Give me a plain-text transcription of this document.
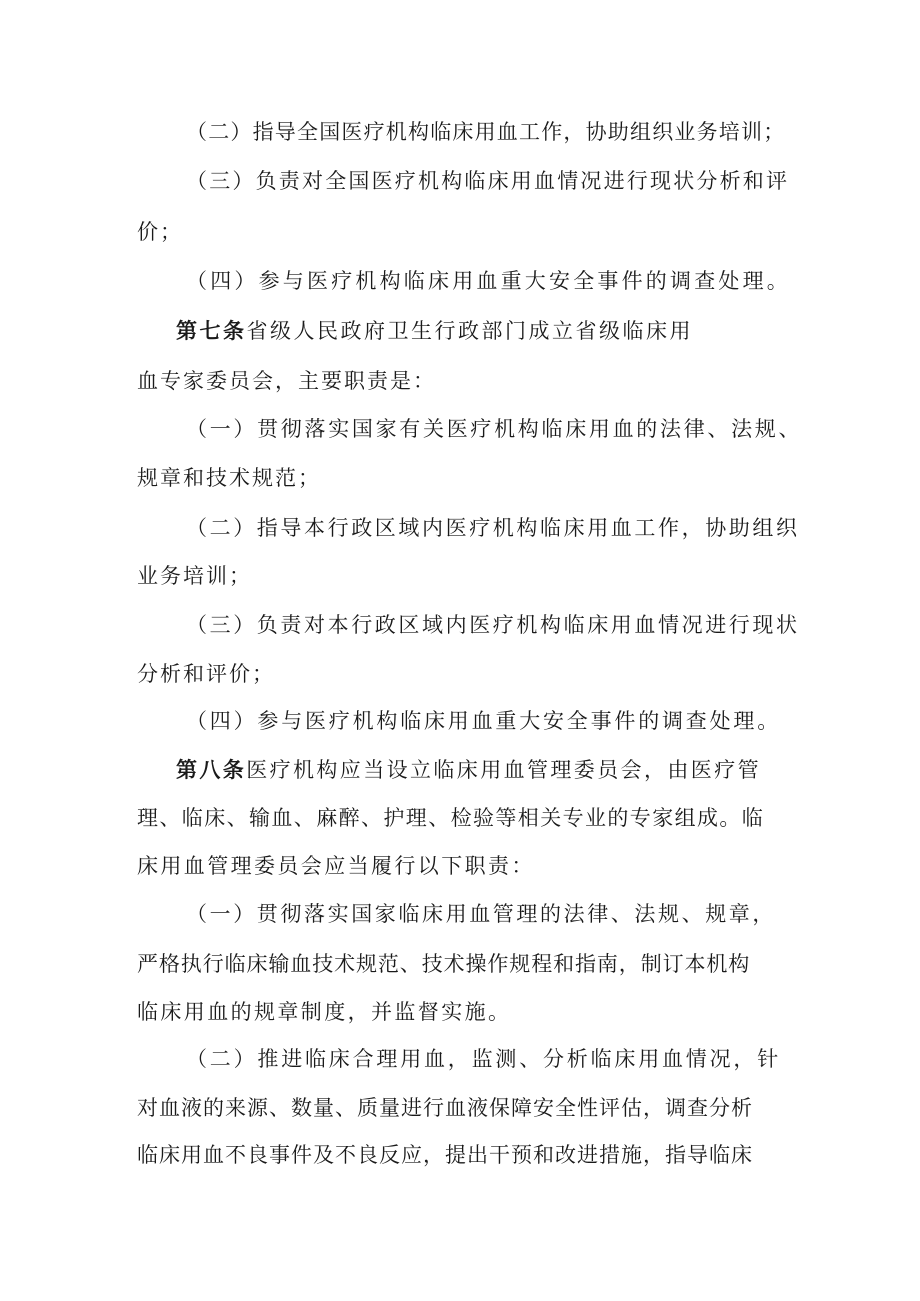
（二）指导全国医疗机构临床用血工作，协助组织业务培训；
（三）负责对全国医疗机构临床用血情况进行现状分析和评
价；
（四）参与医疗机构临床用血重大安全事件的调查处理。
第七条省级人民政府卫生行政部门成立省级临床用
血专家委员会，主要职责是：
（一）贯彻落实国家有关医疗机构临床用血的法律、法规、
规章和技术规范；
（二）指导本行政区域内医疗机构临床用血工作，协助组织
业务培训；
（三）负责对本行政区域内医疗机构临床用血情况进行现状
分析和评价；
（四）参与医疗机构临床用血重大安全事件的调查处理。
第八条医疗机构应当设立临床用血管理委员会，由医疗管
理、临床、输血、麻醉、护理、检验等相关专业的专家组成。临
床用血管理委员会应当履行以下职责：
（一）贯彻落实国家临床用血管理的法律、法规、规章，
严格执行临床输血技术规范、技术操作规程和指南，制订本机构
临床用血的规章制度，并监督实施。
（二）推进临床合理用血，监测、分析临床用血情况，针
对血液的来源、数量、质量进行血液保障安全性评估，调查分析
临床用血不良事件及不良反应，提出干预和改进措施，指导临床
